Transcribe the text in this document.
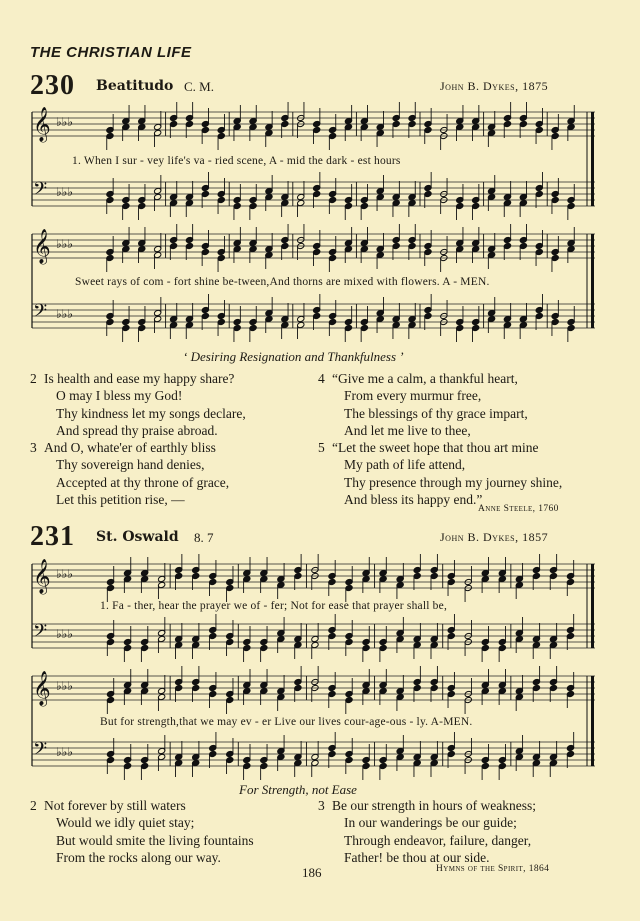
THE CHRISTIAN LIFE
230 Beatitudo C. M.	John B. Dykes, 1875
𝄞 ♭♭♭
𝄢 ♭♭♭
1. When I sur - vey life's va - ried scene, A - mid the dark - est hours
𝄞 ♭♭♭
𝄢 ♭♭♭
Sweet rays of com - fort shine be-tween,And thorns are mixed with flowers. A - MEN.
‘ Desiring Resignation and Thankfulness ’
2 Is health and ease my happy share?
O may I bless my God!
Thy kindness let my songs declare,
And spread thy praise abroad.
3 And O, whate'er of earthly bliss
Thy sovereign hand denies,
Accepted at thy throne of grace,
Let this petition rise, —
4 “Give me a calm, a thankful heart,
From every murmur free,
The blessings of thy grace impart,
And let me live to thee,
5 “Let the sweet hope that thou art mine
My path of life attend,
Thy presence through my journey shine,
And bless its happy end.”
Anne Steele, 1760
231 St. Oswald 8. 7	John B. Dykes, 1857
𝄞 ♭♭♭
𝄢 ♭♭♭
1. Fa - ther, hear the prayer we of - fer; Not for ease that prayer shall be,
𝄞 ♭♭♭
𝄢 ♭♭♭
But for strength,that we may ev - er Live our lives cour-age-ous - ly. A-MEN.
For Strength, not Ease
2 Not forever by still waters
Would we idly quiet stay;
But would smite the living fountains
From the rocks along our way.
3 Be our strength in hours of weakness;
In our wanderings be our guide;
Through endeavor, failure, danger,
Father! be thou at our side.
Hymns of the Spirit, 1864
186
